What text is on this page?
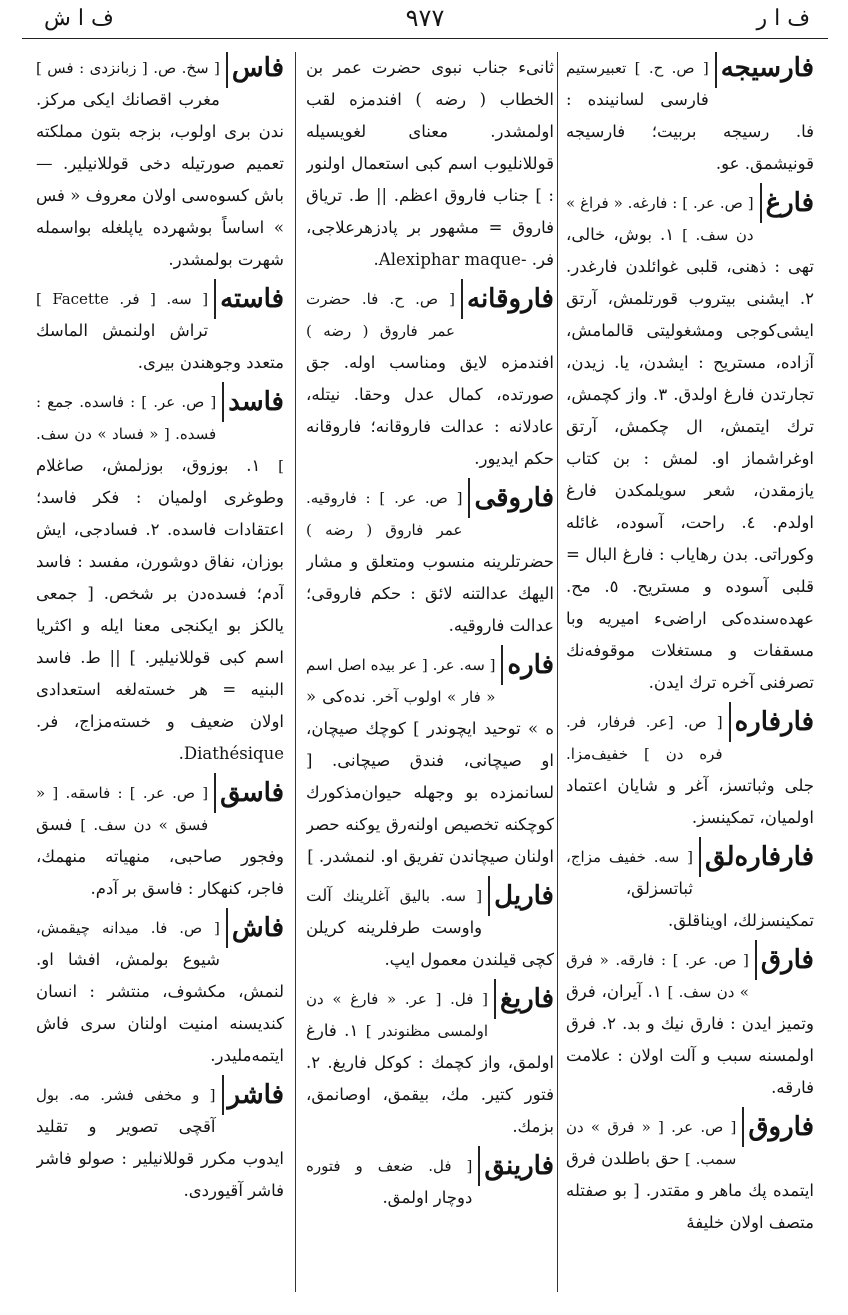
ف ا ر
٩٧٧
ف ا ش
فارسیجه
[ ص. ح. ] تعبیرستیم فارسی لسانینده : فا. رسیجه بربیت؛ فارسیجه قونیشمق. عو.
فارغ
[ ص. عر. ] : فارغه. « فراغ » دن سف. ] ١. بوش، خالی، تهی : ذهنی، قلبی غوائلدن فارغدر. ٢. ایشنی بیتروب قورتلمش، آرتق ایشی‌کوجی ومشغولیتی قالمامش، آزاده، مستریح : ایشدن، یا. زیدن، تجارتدن فارغ اولدق. ٣. واز کچمش، ترك ایتمش، ال چکمش، آرتق اوغراشماز او. لمش : بن کتاب یازمقدن، شعر سویلمکدن فارغ اولدم. ٤. راحت، آسوده، غائله وکوراتی. بدن رهایاب : فارغ البال = قلبی آسوده و مستریح. ٥. مح. عهده‌سنده‌کی اراضیء امیریه وبا مسقفات و مستغلات موقوفه‌نك تصرفنی آخره ترك ایدن.
فارفاره
[ ص. [عر. فرفار، فر. فره دن ] خفیف‌مزا. جلی وثباتسز، آغر و شایان اعتماد اولمیان، تمکینسز.
فارفاره‌لق
[ سه. خفیف مزاج، ثباتسزلق، تمکینسزلك، اویناقلق.
فارق
[ ص. عر. ] : فارقه. « فرق » دن سف. ] ١. آیران، فرق وتمیز ایدن : فارق نیك و بد. ٢. فرق اولمسنه سبب و آلت اولان : علامت فارقه.
فاروق
[ ص. عر. [ « فرق » دن سمب. ] حق باطلدن فرق ایتمده پك ماهر و مقتدر. [ بو صفتله متصف اولان خلیفهٔ
ثانیء جناب نبوی حضرت عمر بن الخطاب ( رضه ) افندمزه لقب اولمشدر. معنای لغویسیله قوللانلیوب اسم کبی استعمال اولنور : ] جناب فاروق اعظم. || ط. تریاق فاروق = مشهور بر پادزهرعلاجی، فر. -Alexiphar maque.
فاروقانه
[ ص. ح. فا. حضرت عمر فاروق ( رضه ) افندمزه لایق ومناسب اوله. جق صورتده، کمال عدل وحقا. نیتله، عادلانه : عدالت فاروقانه؛ فاروقانه حکم ایدیور.
فاروقی
[ ص. عر. ] : فاروقیه. عمر فاروق ( رضه ) حضرتلرینه منسوب ومتعلق و مشار الیهك عدالتنه لائق : حکم فاروقی؛ عدالت فاروقیه.
فاره
[ سه. عر. [ عر بیده اصل اسم « فار » اولوب آخر. نده‌کی « ه » توحید ایچوندر ] کوچك صیچان، او صیچانی، فندق صیچانی. [ لسانمزده بو وجهله حیوان‌مذکورك کوچکنه تخصیص اولنه‌رق یوکنه حصر اولنان صیچاندن تفریق او. لنمشدر. ]
فاریل
[ سه. بالیق آغلرینك آلت واوست طرفلرینه کریلن کچی قیلندن معمول ایپ.
فاریغ
[ فل. [ عر. « فارغ » دن اولمسی مظنوندر ] ١. فارغ اولمق، واز کچمك : کوکل فاریغ. ٢. فتور کتیر. مك، بیقمق، اوصانمق، بزمك.
فارینق
[ فل. ضعف و فتوره دوچار اولمق.
فاس
[ سخ. ص. [ زبانزدی : فس ] مغرب اقصانك ایکی مرکز. ندن بری اولوب، بزجه بتون مملکته تعمیم صورتیله دخی قوللانیلیر. — باش کسوه‌سی اولان معروف « فس » اساساً بوشهرده یاپلغله بواسمله شهرت بولمشدر.
فاسته
[ سه. [ فر. Facette ] تراش اولنمش الماسك متعدد وجوهندن بیری.
فاسد
[ ص. عر. ] : فاسده. جمع : فسده. [ « فساد » دن سف. ] ١. بوزوق، بوزلمش، صاغلام وطوغری اولمیان : فکر فاسد؛ اعتقادات فاسده. ٢. فسادجی، ایش بوزان، نفاق دوشورن، مفسد : فاسد آدم؛ فسده‌دن بر شخص. [ جمعی یالکز بو ایکنجی معنا ایله و اکثریا اسم کبی قوللانیلیر. ] || ط. فاسد البنیه = هر خسته‌لغه استعدادی اولان ضعیف و خسته‌مزاج، فر. Diathésique.
فاسق
[ ص. عر. ] : فاسقه. [ « فسق » دن سف. ] فسق وفجور صاحبی، منهیاته منهمك، فاجر، کنهکار : فاسق بر آدم.
فاش
[ ص. فا. میدانه چیقمش، شیوع بولمش، افشا او. لنمش، مکشوف، منتشر : انسان کندیسنه امنیت اولنان سری فاش ایتمه‌ملیدر.
فاشر
[ و مخفی فشر. مه. بول آقچی تصویر و تقلید ایدوب مکرر قوللانیلیر : صولو فاشر فاشر آقیوردی.
